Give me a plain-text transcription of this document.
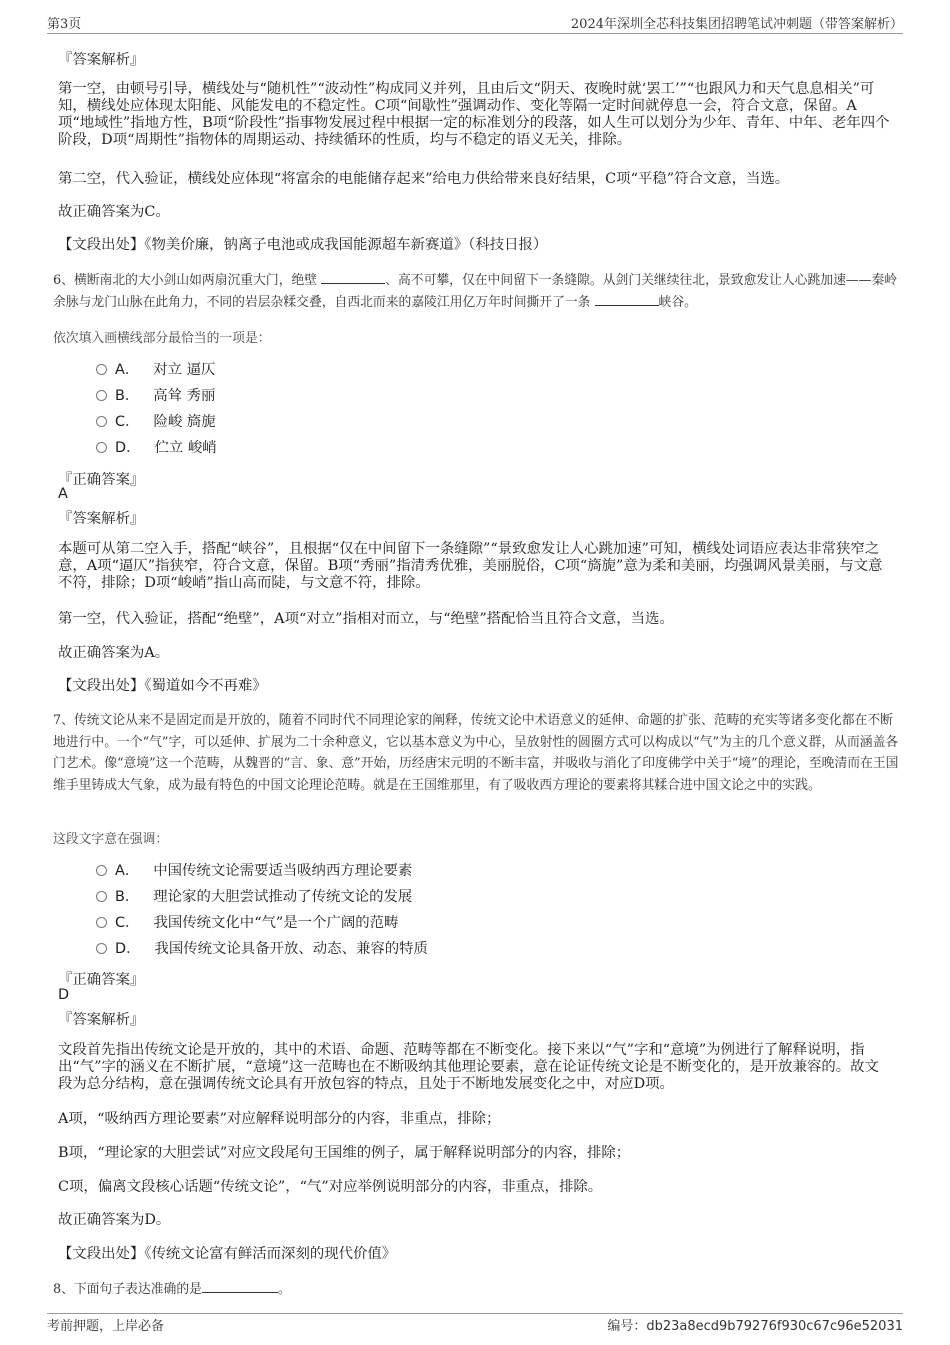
第3页	2024年深圳全芯科技集团招聘笔试冲刺题（带答案解析）
『答案解析』
第一空，由顿号引导，横线处与“随机性”“波动性”构成同义并列，且由后文“阴天、夜晚时就‘罢工’”“也跟风力和天气息息相关”可知，横线处应体现太阳能、风能发电的不稳定性。C项“间歇性”强调动作、变化等隔一定时间就停息一会，符合文意，保留。A项“地域性”指地方性，B项“阶段性”指事物发展过程中根据一定的标准划分的段落，如人生可以划分为少年、青年、中年、老年四个阶段，D项“周期性”指物体的周期运动、持续循环的性质，均与不稳定的语义无关，排除。
第二空，代入验证，横线处应体现“将富余的电能储存起来”给电力供给带来良好结果，C项“平稳”符合文意，当选。
故正确答案为C。
【文段出处】《物美价廉，钠离子电池或成我国能源超车新赛道》（科技日报）
6、横断南北的大小剑山如两扇沉重大门，绝壁	、高不可攀，仅在中间留下一条缝隙。从剑门关继续往北，景致愈发让人心跳加速——秦岭余脉与龙门山脉在此角力，不同的岩层杂糅交叠，自西北而来的嘉陵江用亿万年时间撕开了一条	峡谷。
依次填入画横线部分最恰当的一项是：
A． 对立 逼仄
B． 高耸 秀丽
C． 险峻 旖旎
D． 伫立 峻峭
『正确答案』
A
『答案解析』
本题可从第二空入手，搭配“峡谷”，且根据“仅在中间留下一条缝隙”“景致愈发让人心跳加速”可知，横线处词语应表达非常狭窄之意，A项“逼仄”指狭窄，符合文意，保留。B项“秀丽”指清秀优雅，美丽脱俗，C项“旖旎”意为柔和美丽，均强调风景美丽，与文意不符，排除；D项“峻峭”指山高而陡，与文意不符，排除。
第一空，代入验证，搭配“绝壁”，A项“对立”指相对而立，与“绝壁”搭配恰当且符合文意，当选。
故正确答案为A。
【文段出处】《蜀道如今不再难》
7、传统文论从来不是固定而是开放的，随着不同时代不同理论家的阐释，传统文论中术语意义的延伸、命题的扩张、范畴的充实等诸多变化都在不断地进行中。一个“气”字，可以延伸、扩展为二十余种意义，它以基本意义为中心，呈放射性的圆圈方式可以构成以“气”为主的几个意义群，从而涵盖各门艺术。像“意境”这一个范畴，从魏晋的“言、象、意”开始，历经唐宋元明的不断丰富，并吸收与消化了印度佛学中关于“境”的理论，至晚清而在王国维手里铸成大气象，成为最有特色的中国文论理论范畴。就是在王国维那里，有了吸收西方理论的要素将其糅合进中国文论之中的实践。
这段文字意在强调：
A． 中国传统文论需要适当吸纳西方理论要素
B． 理论家的大胆尝试推动了传统文论的发展
C． 我国传统文化中“气”是一个广阔的范畴
D． 我国传统文论具备开放、动态、兼容的特质
『正确答案』
D
『答案解析』
文段首先指出传统文论是开放的，其中的术语、命题、范畴等都在不断变化。接下来以“气”字和“意境”为例进行了解释说明，指出“气”字的涵义在不断扩展，“意境”这一范畴也在不断吸纳其他理论要素，意在论证传统文论是不断变化的，是开放兼容的。故文段为总分结构，意在强调传统文论具有开放包容的特点，且处于不断地发展变化之中，对应D项。
A项，“吸纳西方理论要素”对应解释说明部分的内容，非重点，排除；
B项，“理论家的大胆尝试”对应文段尾句王国维的例子，属于解释说明部分的内容，排除；
C项，偏离文段核心话题“传统文论”，“气”对应举例说明部分的内容，非重点，排除。
故正确答案为D。
【文段出处】《传统文论富有鲜活而深刻的现代价值》
8、下面句子表达准确的是	。
考前押题，上岸必备	编号：db23a8ecd9b79276f930c67c96e52031
